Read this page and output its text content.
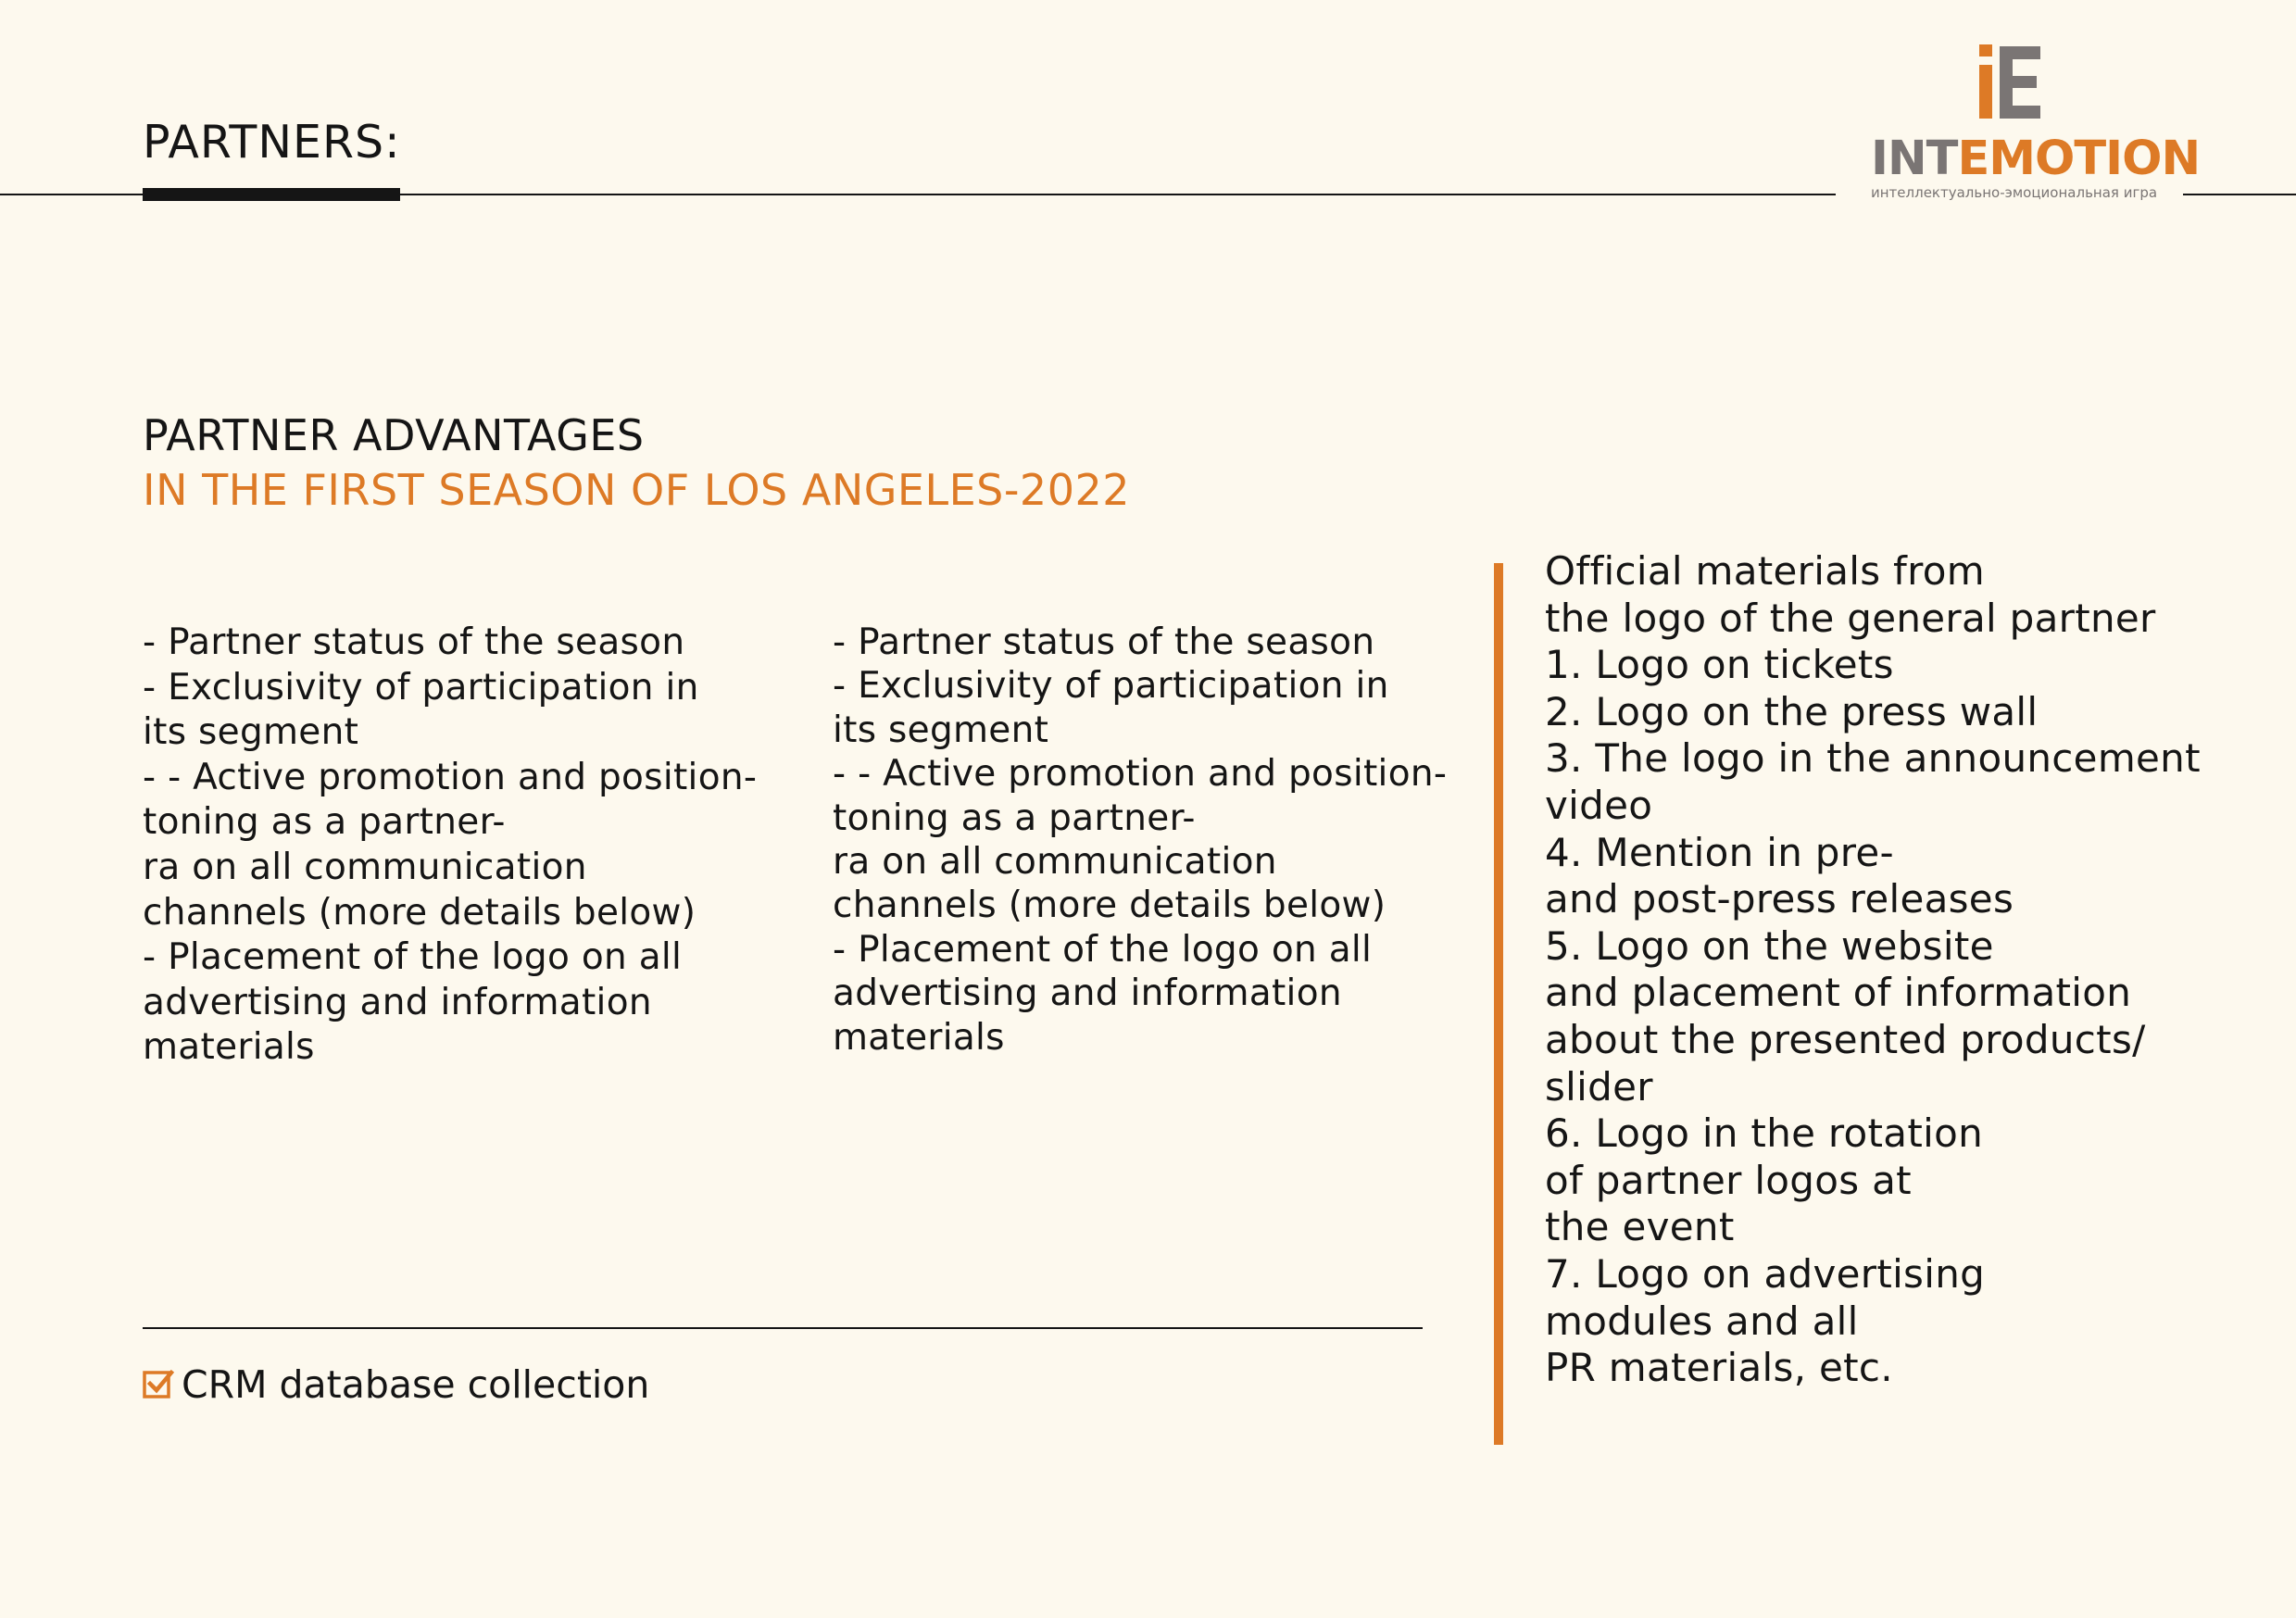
PARTNERS:	INTEMOTION
интеллектуально-эмоциональная игра
PARTNER ADVANTAGES
IN THE FIRST SEASON OF LOS ANGELES-2022
- Partner status of the season
- Exclusivity of participation in
its segment
- - Active promotion and position-
toning as a partner-
ra on all communication
channels (more details below)
- Placement of the logo on all
advertising and information
materials
- Partner status of the season
- Exclusivity of participation in
its segment
- - Active promotion and position-
toning as a partner-
ra on all communication
channels (more details below)
- Placement of the logo on all
advertising and information
materials
CRM database collection
Official materials from
the logo of the general partner
1. Logo on tickets
2. Logo on the press wall
3. The logo in the announcement
video
4. Mention in pre-
and post-press releases
5. Logo on the website
and placement of information
about the presented products/
slider
6. Logo in the rotation
of partner logos at
the event
7. Logo on advertising
modules and all
PR materials, etc.
